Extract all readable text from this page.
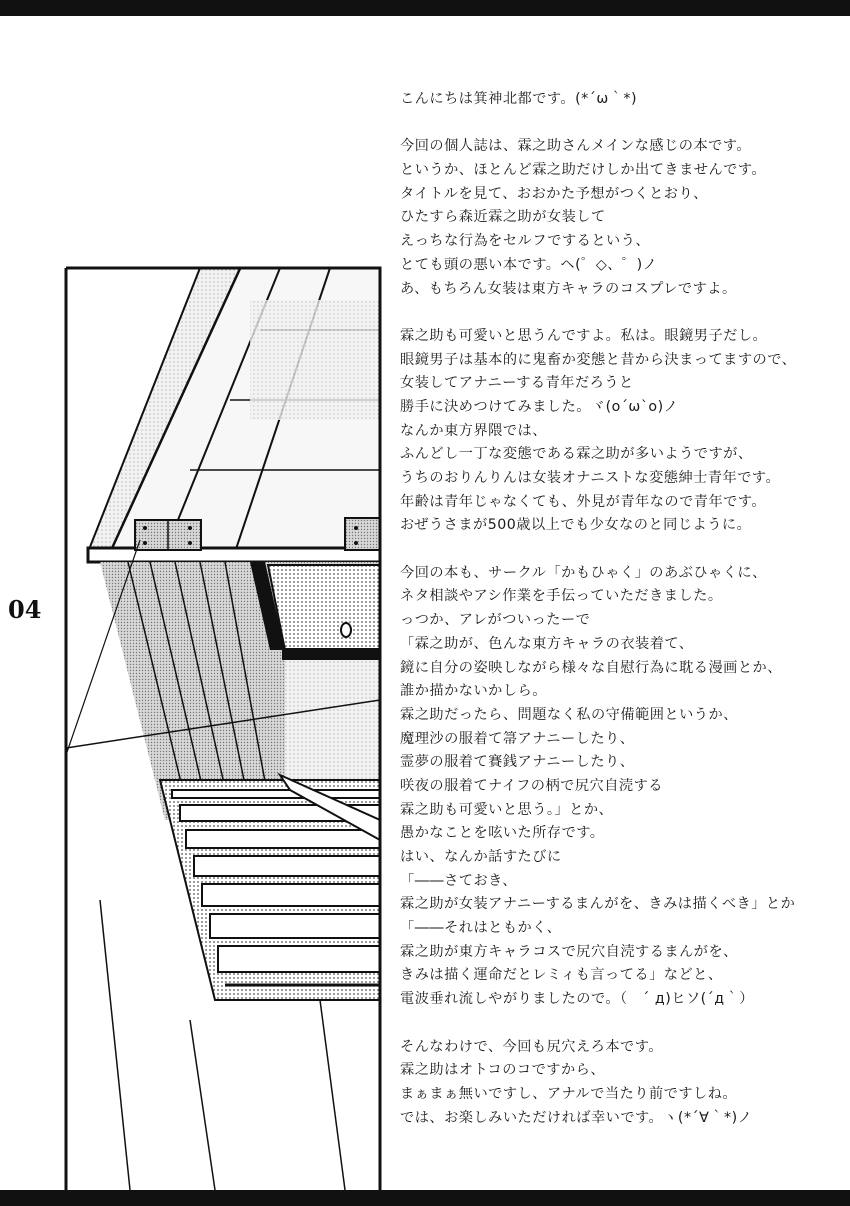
04
こんにちは箕神北都です。(*´ω｀*)
今回の個人誌は、霖之助さんメインな感じの本です。
というか、ほとんど霖之助だけしか出てきませんです。
タイトルを見て、おおかた予想がつくとおり、
ひたすら森近霖之助が女装して
えっちな行為をセルフでするという、
とても頭の悪い本です。ヘ(゜◇、゜)ノ
あ、もちろん女装は東方キャラのコスプレですよ。
霖之助も可愛いと思うんですよ。私は。眼鏡男子だし。
眼鏡男子は基本的に鬼畜か変態と昔から決まってますので、
女装してアナニーする青年だろうと
勝手に決めつけてみました。ヾ(o´ω`o)ノ
なんか東方界隈では、
ふんどし一丁な変態である霖之助が多いようですが、
うちのおりんりんは女装オナニストな変態紳士青年です。
年齢は青年じゃなくても、外見が青年なので青年です。
おぜうさまが500歳以上でも少女なのと同じように。
今回の本も、サークル「かもひゃく」のあぶひゃくに、
ネタ相談やアシ作業を手伝っていただきました。
っつか、アレがついったーで
「霖之助が、色んな東方キャラの衣装着て、
鏡に自分の姿映しながら様々な自慰行為に耽る漫画とか、
誰か描かないかしら。
霖之助だったら、問題なく私の守備範囲というか、
魔理沙の服着て箒アナニーしたり、
霊夢の服着て賽銭アナニーしたり、
咲夜の服着てナイフの柄で尻穴自涜する
霖之助も可愛いと思う。」とか、
愚かなことを呟いた所存です。
はい、なんか話すたびに
「――さておき、
霖之助が女装アナニーするまんがを、きみは描くべき」とか
「――それはともかく、
霖之助が東方キャラコスで尻穴自涜するまんがを、
きみは描く運命だとレミィも言ってる」などと、
電波垂れ流しやがりましたので。（　´ д)ヒソ(´д｀）
そんなわけで、今回も尻穴えろ本です。
霖之助はオトコのコですから、
まぁまぁ無いですし、アナルで当たり前ですしね。
では、お楽しみいただければ幸いです。ヽ(*´∀｀*)ノ
